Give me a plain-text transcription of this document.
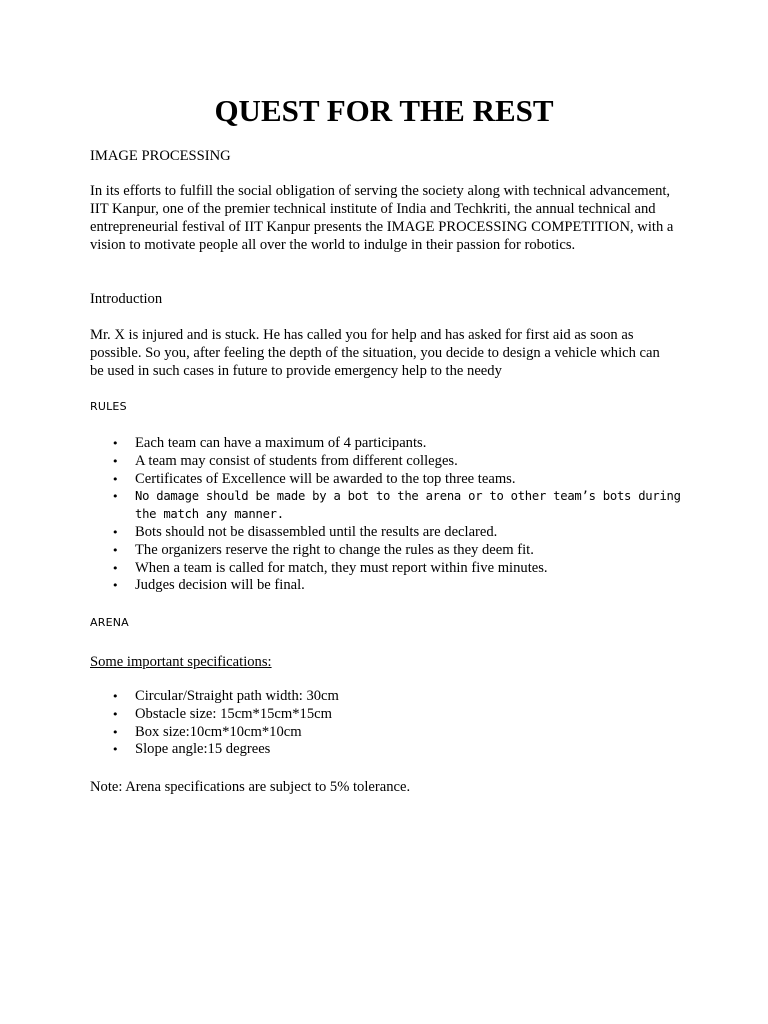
QUEST FOR THE REST

IMAGE PROCESSING

In its efforts to fulfill the social obligation of serving the society along with technical advancement, IIT Kanpur, one of the premier technical institute of India and Techkriti, the annual technical and entrepreneurial festival of IIT Kanpur presents the IMAGE PROCESSING COMPETITION, with a vision to motivate people all over the world to indulge in their passion for robotics.

Introduction

Mr. X is injured and is stuck. He has called you for help and has asked for first aid as soon as possible. So you, after feeling the depth of the situation, you decide to design a vehicle which can be used in such cases in future to provide emergency help to the needy

RULES

• Each team can have a maximum of 4 participants.
• A team may consist of students from different colleges.
• Certificates of Excellence will be awarded to the top three teams.
• No damage should be made by a bot to the arena or to other team’s bots during the match any manner.
• Bots should not be disassembled until the results are declared.
• The organizers reserve the right to change the rules as they deem fit.
• When a team is called for match, they must report within five minutes.
• Judges decision will be final.

ARENA

Some important specifications:

• Circular/Straight path width: 30cm
• Obstacle size: 15cm*15cm*15cm
• Box size:10cm*10cm*10cm
• Slope angle:15 degrees

Note: Arena specifications are subject to 5% tolerance.
